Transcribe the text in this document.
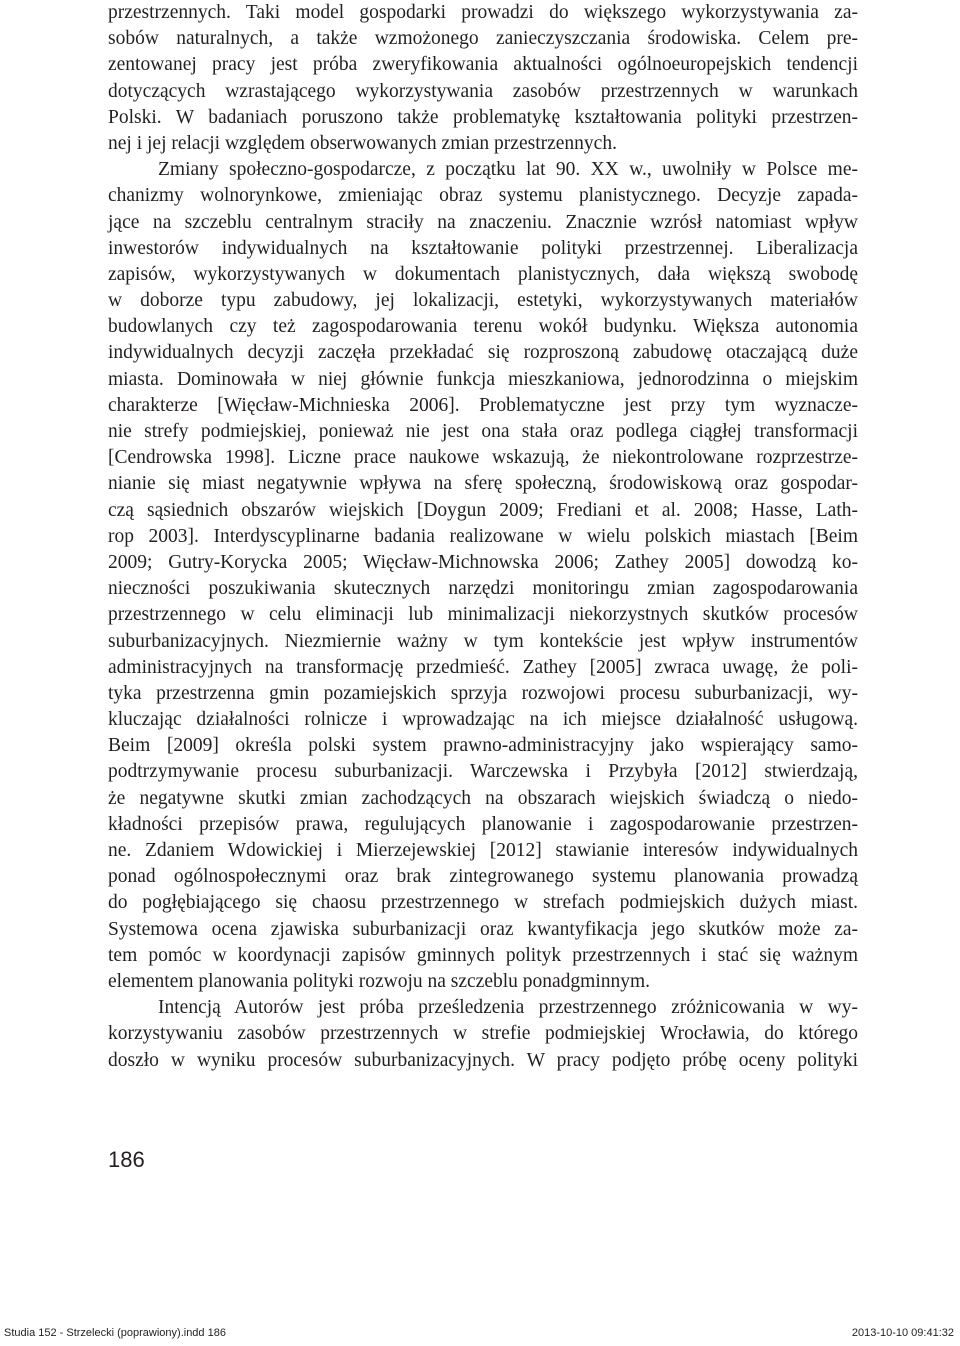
przestrzennych. Taki model gospodarki prowadzi do większego wykorzystywania za-
sobów naturalnych, a także wzmożonego zanieczyszczania środowiska. Celem pre-
zentowanej pracy jest próba zweryfikowania aktualności ogólnoeuropejskich tendencji
dotyczących wzrastającego wykorzystywania zasobów przestrzennych w warunkach
Polski. W badaniach poruszono także problematykę kształtowania polityki przestrzen-
nej i jej relacji względem obserwowanych zmian przestrzennych.
Zmiany społeczno-gospodarcze, z początku lat 90. XX w., uwolniły w Polsce me-
chanizmy wolnorynkowe, zmieniając obraz systemu planistycznego. Decyzje zapada-
jące na szczeblu centralnym straciły na znaczeniu. Znacznie wzrósł natomiast wpływ
inwestorów indywidualnych na kształtowanie polityki przestrzennej. Liberalizacja
zapisów, wykorzystywanych w dokumentach planistycznych, dała większą swobodę
w doborze typu zabudowy, jej lokalizacji, estetyki, wykorzystywanych materiałów
budowlanych czy też zagospodarowania terenu wokół budynku. Większa autonomia
indywidualnych decyzji zaczęła przekładać się rozproszoną zabudowę otaczającą duże
miasta. Dominowała w niej głównie funkcja mieszkaniowa, jednorodzinna o miejskim
charakterze [Więcław-Michnieska 2006]. Problematyczne jest przy tym wyznacze-
nie strefy podmiejskiej, ponieważ nie jest ona stała oraz podlega ciągłej transformacji
[Cendrowska 1998]. Liczne prace naukowe wskazują, że niekontrolowane rozprzestrze-
nianie się miast negatywnie wpływa na sferę społeczną, środowiskową oraz gospodar-
czą sąsiednich obszarów wiejskich [Doygun 2009; Frediani et al. 2008; Hasse, Lath-
rop 2003]. Interdyscyplinarne badania realizowane w wielu polskich miastach [Beim
2009; Gutry-Korycka 2005; Więcław-Michnowska 2006; Zathey 2005] dowodzą ko-
nieczności poszukiwania skutecznych narzędzi monitoringu zmian zagospodarowania
przestrzennego w celu eliminacji lub minimalizacji niekorzystnych skutków procesów
suburbanizacyjnych. Niezmiernie ważny w tym kontekście jest wpływ instrumentów
administracyjnych na transformację przedmieść. Zathey [2005] zwraca uwagę, że poli-
tyka przestrzenna gmin pozamiejskich sprzyja rozwojowi procesu suburbanizacji, wy-
kluczając działalności rolnicze i wprowadzając na ich miejsce działalność usługową.
Beim [2009] określa polski system prawno-administracyjny jako wspierający samo-
podtrzymywanie procesu suburbanizacji. Warczewska i Przybyła [2012] stwierdzają,
że negatywne skutki zmian zachodzących na obszarach wiejskich świadczą o niedo-
kładności przepisów prawa, regulujących planowanie i zagospodarowanie przestrzen-
ne. Zdaniem Wdowickiej i Mierzejewskiej [2012] stawianie interesów indywidualnych
ponad ogólnospołecznymi oraz brak zintegrowanego systemu planowania prowadzą
do pogłębiającego się chaosu przestrzennego w strefach podmiejskich dużych miast.
Systemowa ocena zjawiska suburbanizacji oraz kwantyfikacja jego skutków może za-
tem pomóc w koordynacji zapisów gminnych polityk przestrzennych i stać się ważnym
elementem planowania polityki rozwoju na szczeblu ponadgminnym.
Intencją Autorów jest próba prześledzenia przestrzennego zróżnicowania w wy-
korzystywaniu zasobów przestrzennych w strefie podmiejskiej Wrocławia, do którego
doszło w wyniku procesów suburbanizacyjnych. W pracy podjęto próbę oceny polityki
186
Studia 152 - Strzelecki (poprawiony).indd 186	2013-10-10 09:41:32
